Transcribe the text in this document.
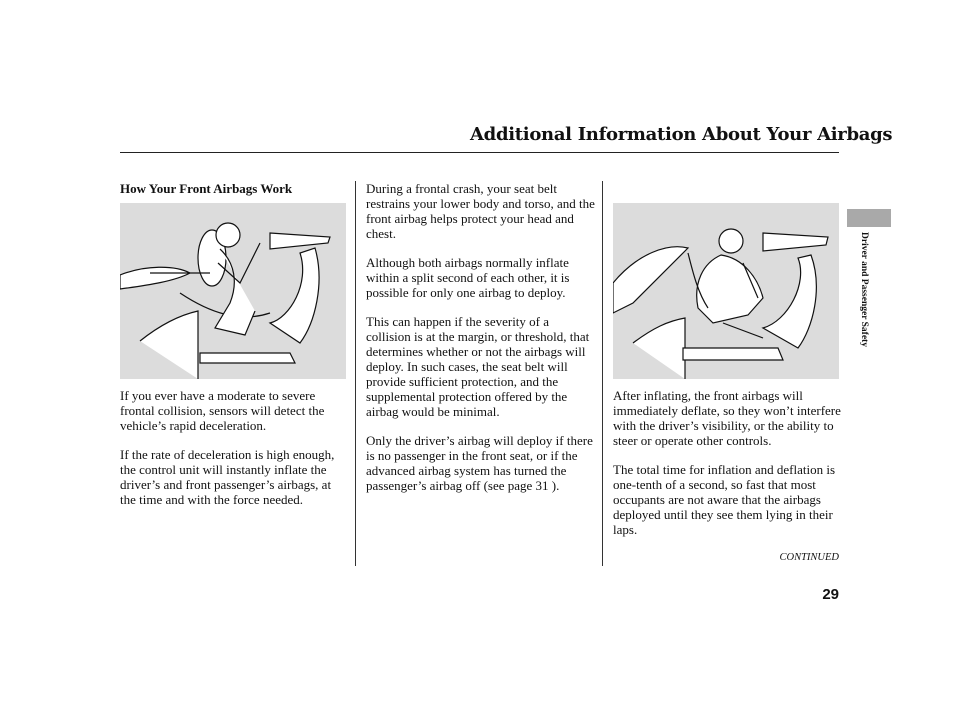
Additional Information About Your Airbags
How Your Front Airbags Work

If you ever have a moderate to severe frontal collision, sensors will detect the vehicle’s rapid deceleration.

If the rate of deceleration is high enough, the control unit will instantly inflate the driver’s and front passenger’s airbags, at the time and with the force needed.

During a frontal crash, your seat belt restrains your lower body and torso, and the front airbag helps protect your head and chest.

Although both airbags normally inflate within a split second of each other, it is possible for only one airbag to deploy.

This can happen if the severity of a collision is at the margin, or threshold, that determines whether or not the airbags will deploy. In such cases, the seat belt will provide sufficient protection, and the supplemental protection offered by the airbag would be minimal.

Only the driver’s airbag will deploy if there is no passenger in the front seat, or if the advanced airbag system has turned the passenger’s airbag off (see page 31 ).

After inflating, the front airbags will immediately deflate, so they won’t interfere with the driver’s visibility, or the ability to steer or operate other controls.

The total time for inflation and deflation is one-tenth of a second, so fast that most occupants are not aware that the airbags deployed until they see them lying in their laps.

CONTINUED
29
Driver and Passenger Safety
